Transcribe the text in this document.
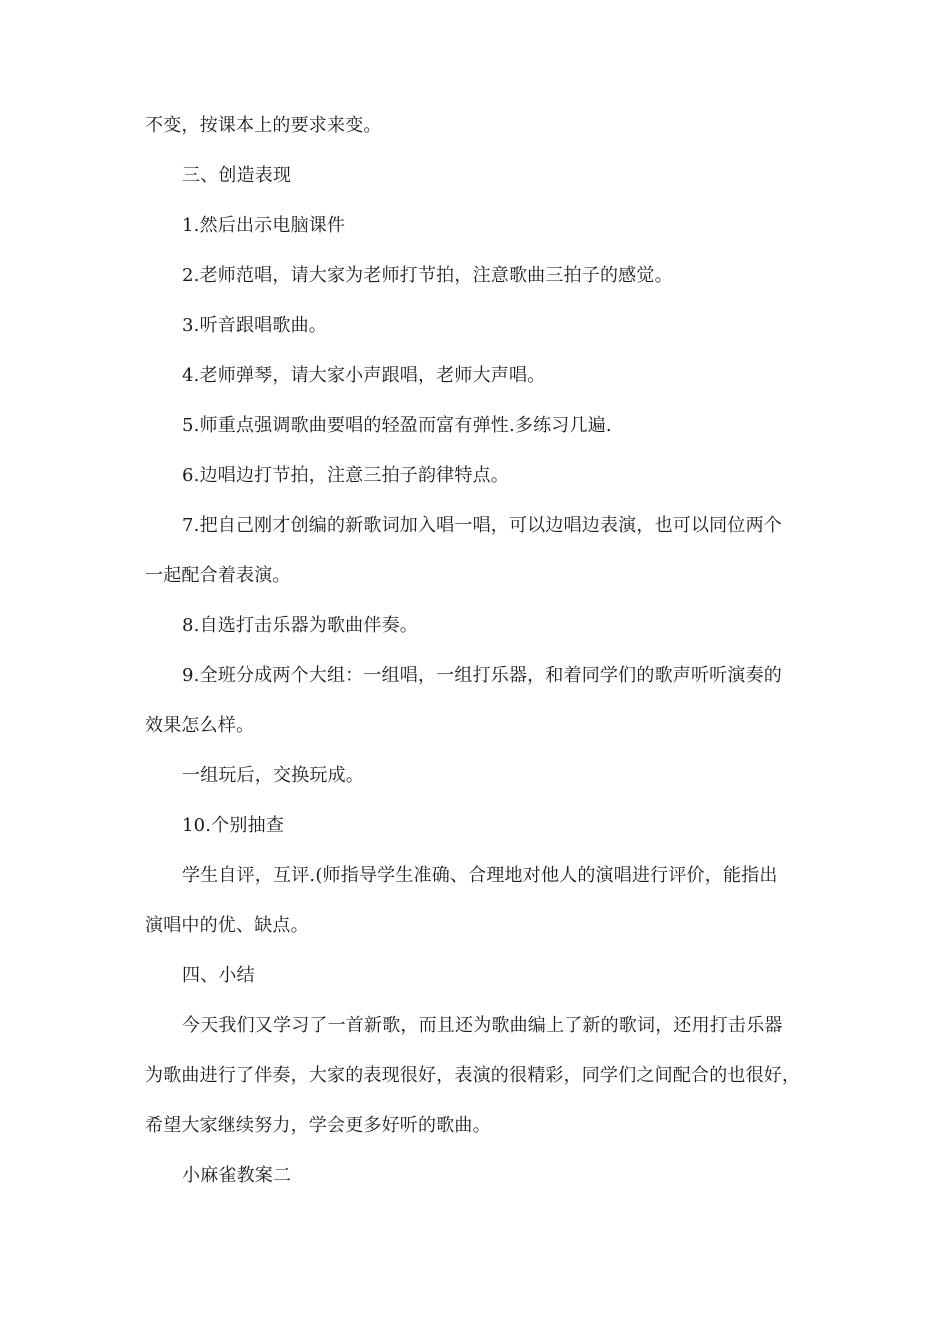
不变，按课本上的要求来变。
三、创造表现
1.然后出示电脑课件
2.老师范唱，请大家为老师打节拍，注意歌曲三拍子的感觉。
3.听音跟唱歌曲。
4.老师弹琴，请大家小声跟唱，老师大声唱。
5.师重点强调歌曲要唱的轻盈而富有弹性.多练习几遍.
6.边唱边打节拍，注意三拍子韵律特点。
7.把自己刚才创编的新歌词加入唱一唱，可以边唱边表演，也可以同位两个
一起配合着表演。
8.自选打击乐器为歌曲伴奏。
9.全班分成两个大组：一组唱，一组打乐器，和着同学们的歌声听听演奏的
效果怎么样。
一组玩后，交换玩成。
10.个别抽查
学生自评，互评.(师指导学生准确、合理地对他人的演唱进行评价，能指出
演唱中的优、缺点。
四、小结
今天我们又学习了一首新歌，而且还为歌曲编上了新的歌词，还用打击乐器
为歌曲进行了伴奏，大家的表现很好，表演的很精彩，同学们之间配合的也很好，
希望大家继续努力，学会更多好听的歌曲。
小麻雀教案二
